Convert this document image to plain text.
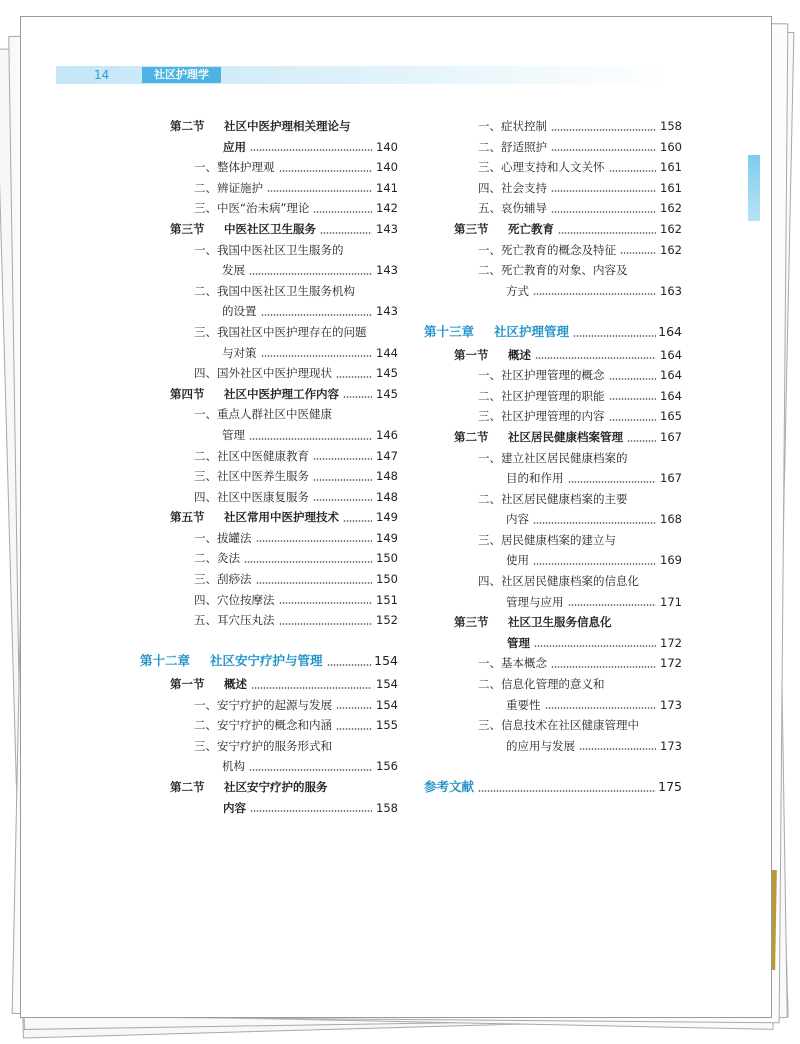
14	社区护理学
第二节 社区中医护理相关理论与
应用	140
一、整体护理观	140
二、辨证施护	141
三、中医“治未病”理论	142
第三节 中医社区卫生服务	143
一、我国中医社区卫生服务的
发展	143
二、我国中医社区卫生服务机构
的设置	143
三、我国社区中医护理存在的问题
与对策	144
四、国外社区中医护理现状	145
第四节 社区中医护理工作内容	145
一、重点人群社区中医健康
管理	146
二、社区中医健康教育	147
三、社区中医养生服务	148
四、社区中医康复服务	148
第五节 社区常用中医护理技术	149
一、拔罐法	149
二、灸法	150
三、刮痧法	150
四、穴位按摩法	151
五、耳穴压丸法	152
第十二章 社区安宁疗护与管理	154
第一节 概述	154
一、安宁疗护的起源与发展	154
二、安宁疗护的概念和内涵	155
三、安宁疗护的服务形式和
机构	156
第二节 社区安宁疗护的服务
内容	158
一、症状控制	158
二、舒适照护	160
三、心理支持和人文关怀	161
四、社会支持	161
五、哀伤辅导	162
第三节 死亡教育	162
一、死亡教育的概念及特征	162
二、死亡教育的对象、内容及
方式	163
第十三章 社区护理管理	164
第一节 概述	164
一、社区护理管理的概念	164
二、社区护理管理的职能	164
三、社区护理管理的内容	165
第二节 社区居民健康档案管理	167
一、建立社区居民健康档案的
目的和作用	167
二、社区居民健康档案的主要
内容	168
三、居民健康档案的建立与
使用	169
四、社区居民健康档案的信息化
管理与应用	171
第三节 社区卫生服务信息化
管理	172
一、基本概念	172
二、信息化管理的意义和
重要性	173
三、信息技术在社区健康管理中
的应用与发展	173
参考文献	175
